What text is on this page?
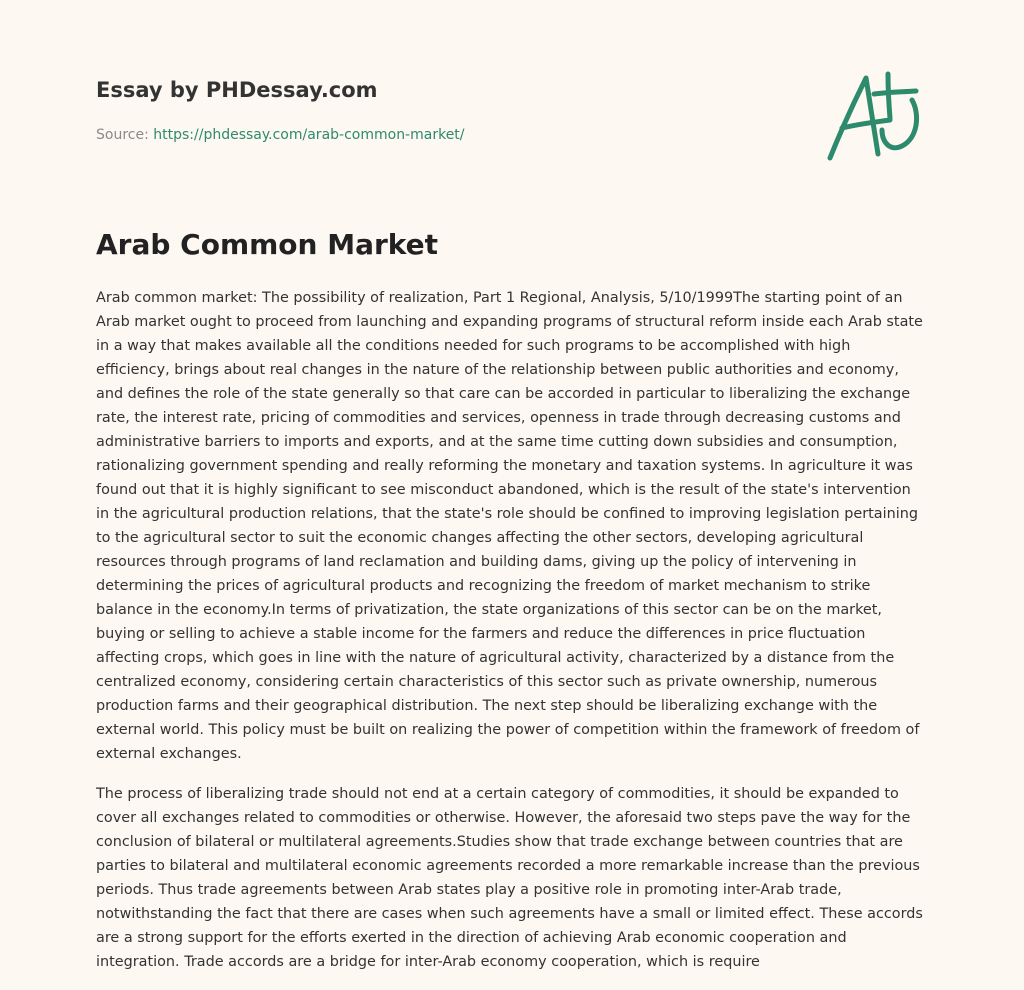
Essay by PHDessay.com

Source: https://phdessay.com/arab-common-market/
Arab Common Market

Arab common market: The possibility of realization, Part 1 Regional, Analysis, 5/10/1999The starting point of an Arab market ought to proceed from launching and expanding programs of structural reform inside each Arab state in a way that makes available all the conditions needed for such programs to be accomplished with high efficiency, brings about real changes in the nature of the relationship between public authorities and economy, and defines the role of the state generally so that care can be accorded in particular to liberalizing the exchange rate, the interest rate, pricing of commodities and services, openness in trade through decreasing customs and administrative barriers to imports and exports, and at the same time cutting down subsidies and consumption, rationalizing government spending and really reforming the monetary and taxation systems. In agriculture it was found out that it is highly significant to see misconduct abandoned, which is the result of the state's intervention in the agricultural production relations, that the state's role should be confined to improving legislation pertaining to the agricultural sector to suit the economic changes affecting the other sectors, developing agricultural resources through programs of land reclamation and building dams, giving up the policy of intervening in determining the prices of agricultural products and recognizing the freedom of market mechanism to strike balance in the economy.In terms of privatization, the state organizations of this sector can be on the market, buying or selling to achieve a stable income for the farmers and reduce the differences in price fluctuation affecting crops, which goes in line with the nature of agricultural activity, characterized by a distance from the centralized economy, considering certain characteristics of this sector such as private ownership, numerous production farms and their geographical distribution. The next step should be liberalizing exchange with the external world. This policy must be built on realizing the power of competition within the framework of freedom of external exchanges.

The process of liberalizing trade should not end at a certain category of commodities, it should be expanded to cover all exchanges related to commodities or otherwise. However, the aforesaid two steps pave the way for the conclusion of bilateral or multilateral agreements.Studies show that trade exchange between countries that are parties to bilateral and multilateral economic agreements recorded a more remarkable increase than the previous periods. Thus trade agreements between Arab states play a positive role in promoting inter-Arab trade, notwithstanding the fact that there are cases when such agreements have a small or limited effect. These accords are a strong support for the efforts exerted in the direction of achieving Arab economic cooperation and integration. Trade accords are a bridge for inter-Arab economy cooperation, which is require
